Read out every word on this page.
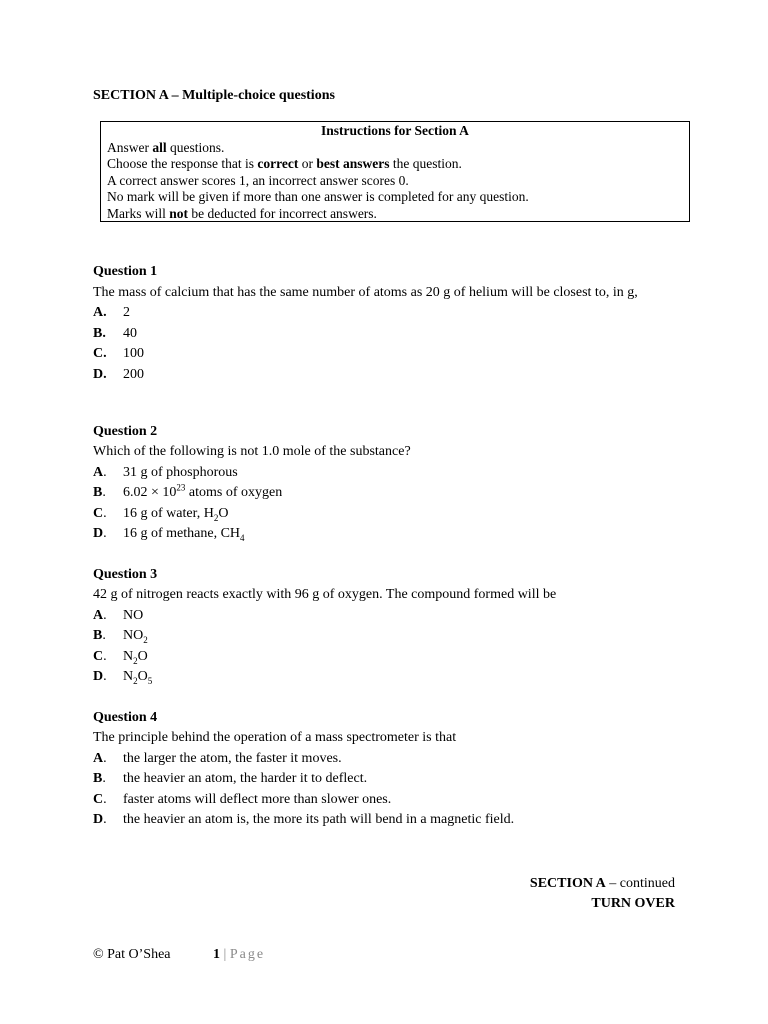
SECTION A – Multiple-choice questions
Instructions for Section A
Answer all questions.
Choose the response that is correct or best answers the question.
A correct answer scores 1, an incorrect answer scores 0.
No mark will be given if more than one answer is completed for any question.
Marks will not be deducted for incorrect answers.
Question 1
The mass of calcium that has the same number of atoms as 20 g of helium will be closest to, in g,
A.	2
B.	40
C.	100
D.	200
Question 2
Which of the following is not 1.0 mole of the substance?
A.	31 g of phosphorous
B.	$6.02 \times 10^{23}$ atoms of oxygen
C.	16 g of water, $H_2O$
D.	16 g of methane, $CH_4$
Question 3
42 g of nitrogen reacts exactly with 96 g of oxygen. The compound formed will be
A.	NO
B.	$NO_2$
C.	$N_2O$
D.	$N_2O_5$
Question 4
The principle behind the operation of a mass spectrometer is that
A.	the larger the atom, the faster it moves.
B.	the heavier an atom, the harder it to deflect.
C.	faster atoms will deflect more than slower ones.
D.	the heavier an atom is, the more its path will bend in a magnetic field.
SECTION A – continued
TURN OVER
© Pat O’Shea	1 | Page
